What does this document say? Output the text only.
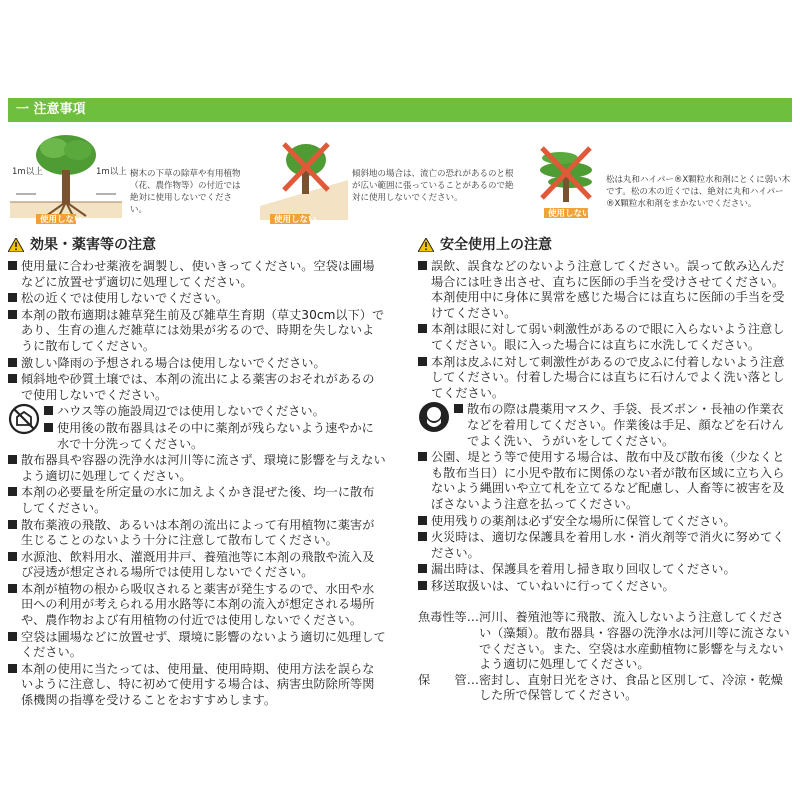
一 注意事項
1m以上	1m以上
使用しない
樹木の下草の除草や有用植物（花、農作物等）の付近では絶対に使用しないでください。
使用しない
傾斜地の場合は、流亡の恐れがあるのと根が広い範囲に張っていることがあるので絶対に使用しないでください。
使用しない
松は丸和ハイパー®X顆粒水和剤にとくに弱い木です。松の木の近くでは、絶対に丸和ハイパー®X顆粒水和剤をまかないでください。
効果・薬害等の注意
使用量に合わせ薬液を調製し、使いきってください。空袋は圃場などに放置せず適切に処理してください。
松の近くでは使用しないでください。
本剤の散布適期は雑草発生前及び雑草生育期（草丈30cm以下）であり、生育の進んだ雑草には効果が劣るので、時期を失しないように散布してください。
激しい降雨の予想される場合は使用しないでください。
傾斜地や砂質土壌では、本剤の流出による薬害のおそれがあるので使用しないでください。
ハウス等の施設周辺では使用しないでください。
使用後の散布器具はその中に薬剤が残らないよう速やかに水で十分洗ってください。
散布器具や容器の洗浄水は河川等に流さず、環境に影響を与えないよう適切に処理してください。
本剤の必要量を所定量の水に加えよくかき混ぜた後、均一に散布してください。
散布薬液の飛散、あるいは本剤の流出によって有用植物に薬害が生じることのないよう十分に注意して散布してください。
水源池、飲料用水、灌漑用井戸、養殖池等に本剤の飛散や流入及び浸透が想定される場所では使用しないでください。
本剤が植物の根から吸収されると薬害が発生するので、水田や水田への利用が考えられる用水路等に本剤の流入が想定される場所や、農作物および有用植物の付近では使用しないでください。
空袋は圃場などに放置せず、環境に影響のないよう適切に処理してください。
本剤の使用に当たっては、使用量、使用時期、使用方法を誤らないように注意し、特に初めて使用する場合は、病害虫防除所等関係機関の指導を受けることをおすすめします。
安全使用上の注意
誤飲、誤食などのないよう注意してください。誤って飲み込んだ場合には吐き出させ、直ちに医師の手当を受けさせてください。本剤使用中に身体に異常を感じた場合には直ちに医師の手当を受けてください。
本剤は眼に対して弱い刺激性があるので眼に入らないよう注意してください。眼に入った場合には直ちに水洗してください。
本剤は皮ふに対して刺激性があるので皮ふに付着しないよう注意してください。付着した場合には直ちに石けんでよく洗い落としてください。
散布の際は農薬用マスク、手袋、長ズボン・長袖の作業衣などを着用してください。作業後は手足、顔などを石けんでよく洗い、うがいをしてください。
公園、堤とう等で使用する場合は、散布中及び散布後（少なくとも散布当日）に小児や散布に関係のない者が散布区域に立ち入らないよう縄囲いや立て札を立てるなど配慮し、人畜等に被害を及ぼさないよう注意を払ってください。
使用残りの薬剤は必ず安全な場所に保管してください。
火災時は、適切な保護具を着用し水・消火剤等で消火に努めてください。
漏出時は、保護具を着用し掃き取り回収してください。
移送取扱いは、ていねいに行ってください。
魚毒性等… 河川、養殖池等に飛散、流入しないよう注意してください（藻類）。散布器具・容器の洗浄水は河川等に流さないでください。また、空袋は水産動植物に影響を与えないよう適切に処理してください。
保　　管… 密封し、直射日光をさけ、食品と区別して、冷涼・乾燥した所で保管してください。
